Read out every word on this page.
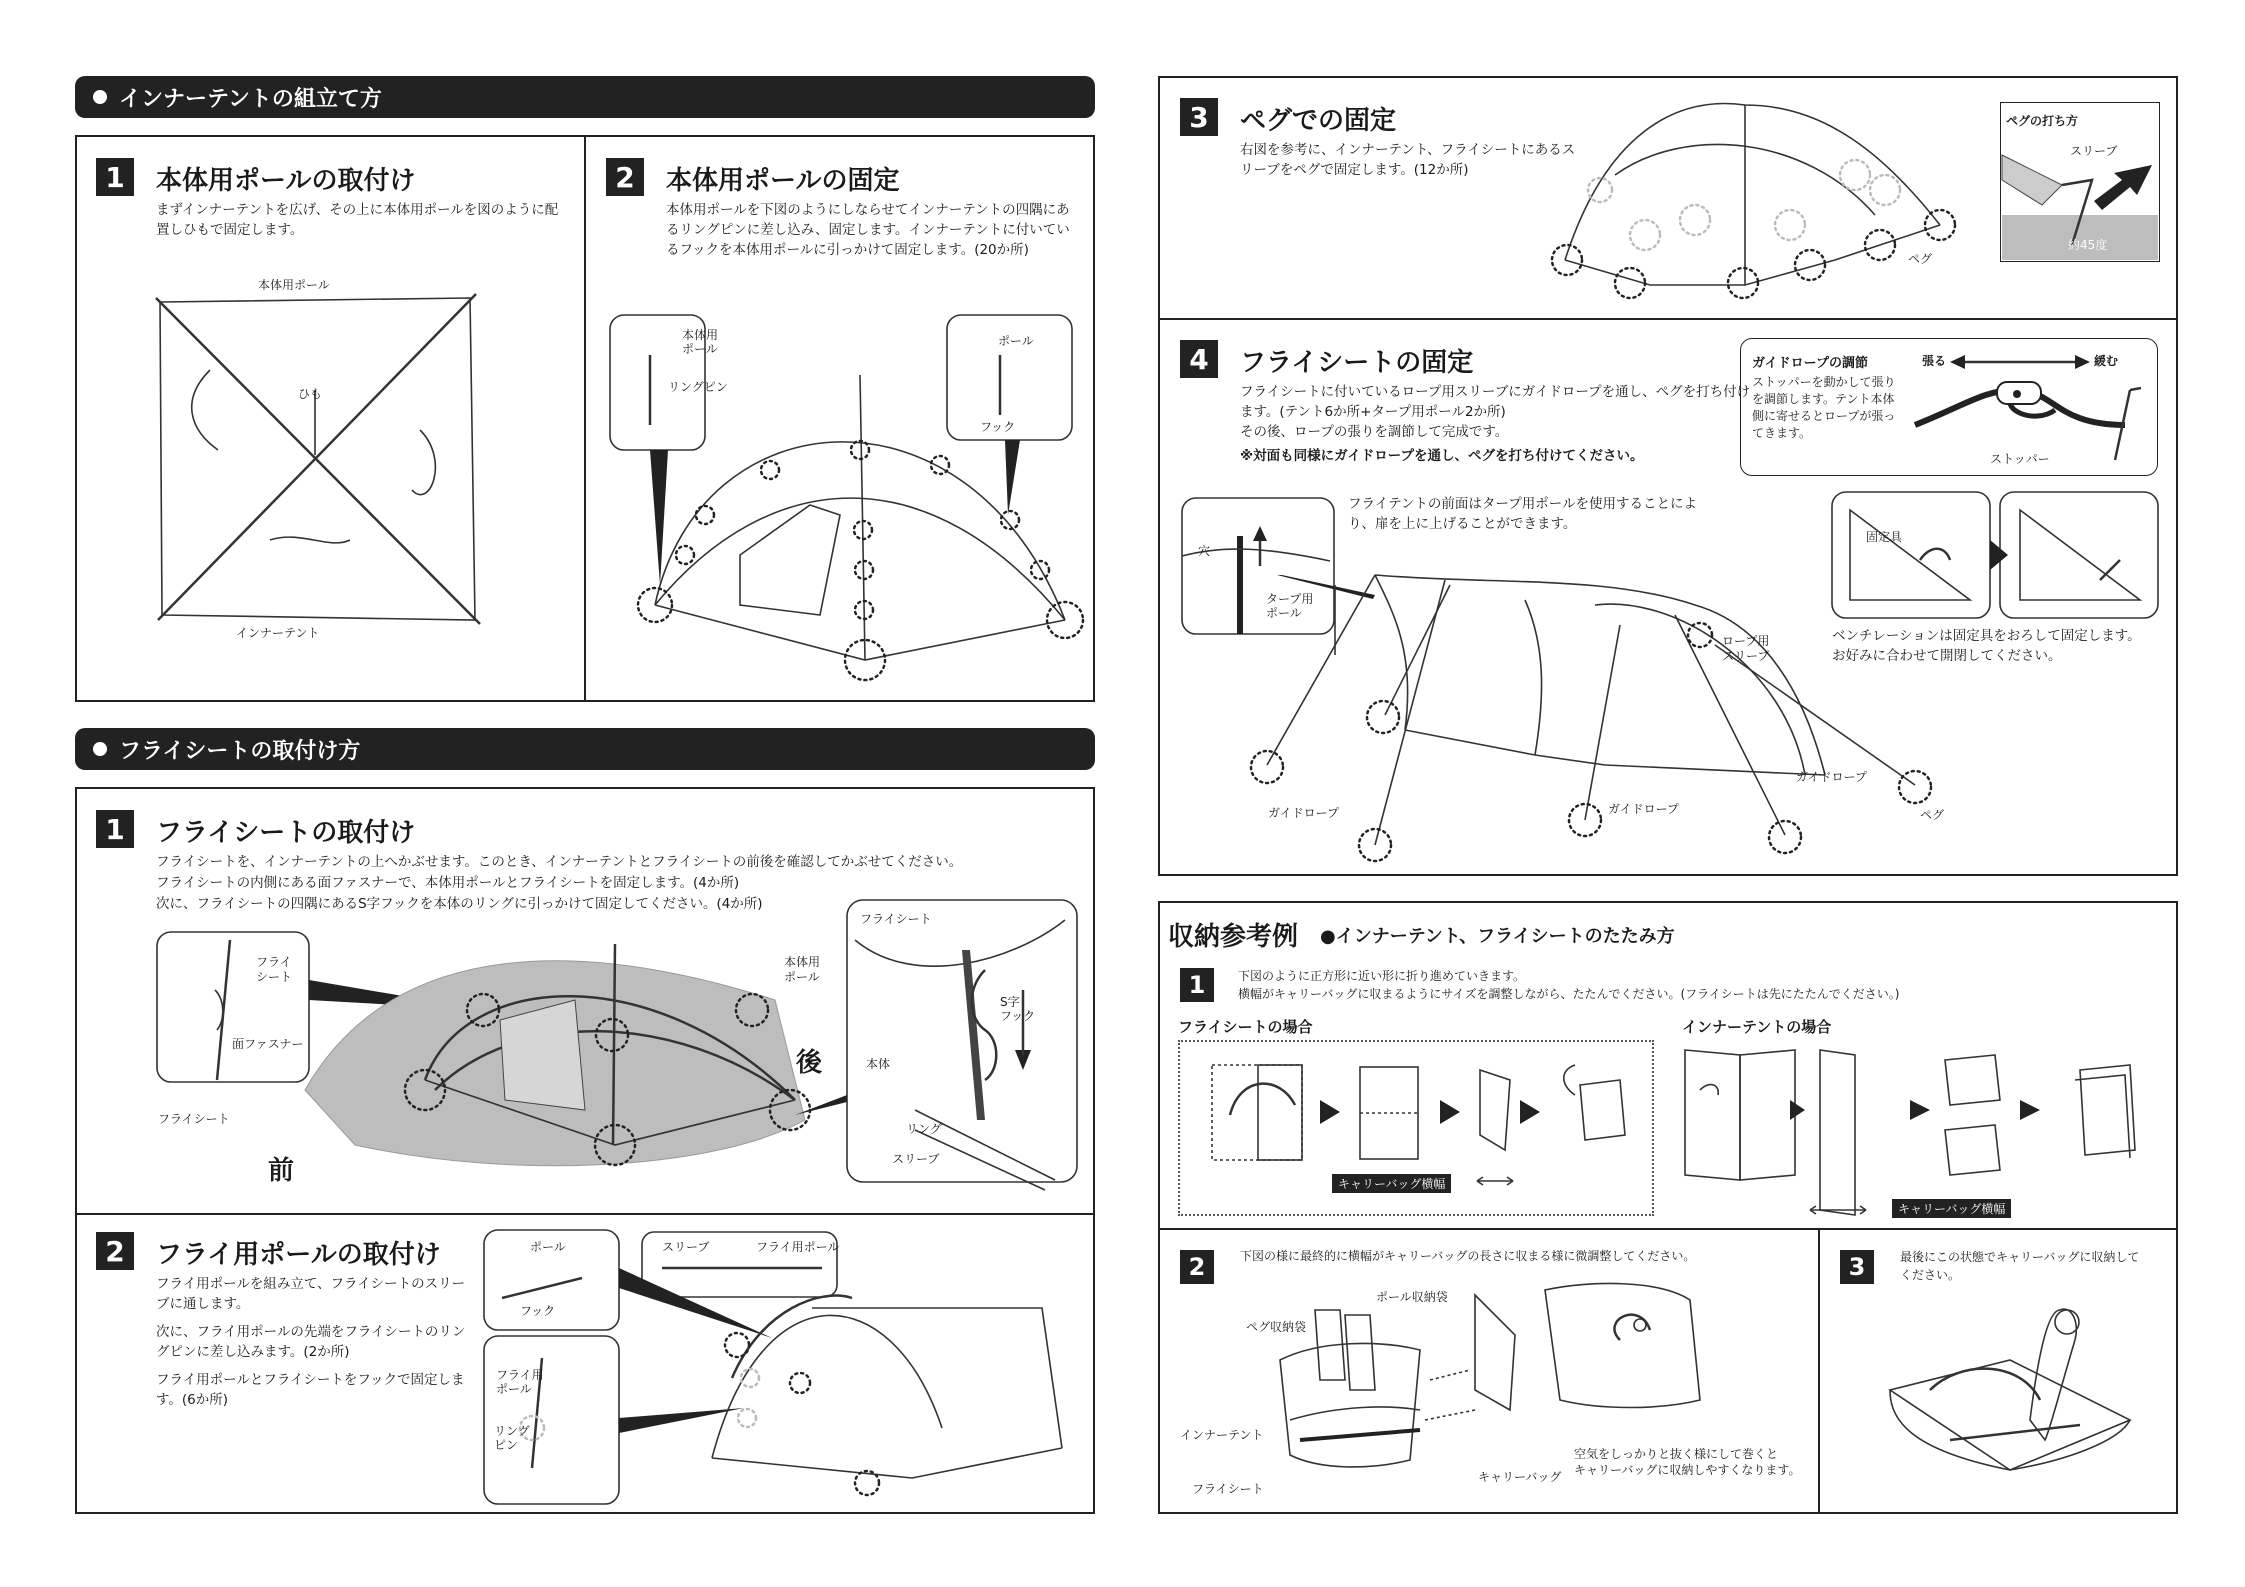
インナーテントの組立て方
1	本体用ポールの取付け
まずインナーテントを広げ、その上に本体用ポールを図のように配置しひもで固定します。
本体用ポール
ひも
インナーテント
2	本体用ポールの固定
本体用ポールを下図のようにしならせてインナーテントの四隅にあるリングピンに差し込み、固定します。インナーテントに付いているフックを本体用ポールに引っかけて固定します。(20か所)
本体用
ポール
リングピン
ポール
フック
フライシートの取付け方
1	フライシートの取付け
フライシートを、インナーテントの上へかぶせます。このとき、インナーテントとフライシートの前後を確認してかぶせてください。
フライシートの内側にある面ファスナーで、本体用ポールとフライシートを固定します。(4か所)
次に、フライシートの四隅にあるS字フックを本体のリングに引っかけて固定してください。(4か所)
フライ
シート
面ファスナー
フライシート
前
後
本体用
ポール
フライシート
S字
フック
本体
リング
スリーブ
2	フライ用ポールの取付け
フライ用ポールを組み立て、フライシートのスリーブに通します。
次に、フライ用ポールの先端をフライシートのリングピンに差し込みます。(2か所)
フライ用ポールとフライシートをフックで固定します。(6か所)
ポール
フック
フライ用
ポール
リング
ピン
スリーブ	フライ用ポール
3	ペグでの固定
右図を参考に、インナーテント、フライシートにあるスリーブをペグで固定します。(12か所)
ペグ
ペグの打ち方
スリーブ
約45度
4	フライシートの固定
フライシートに付いているロープ用スリーブにガイドロープを通し、ペグを打ち付けます。(テント6か所+タープ用ポール2か所)
その後、ロープの張りを調節して完成です。
※対面も同様にガイドロープを通し、ペグを打ち付けてください。
ガイドロープの調節	張る	緩む
ストッパーを動かして張りを調節します。テント本体側に寄せるとロープが張ってきます。
ストッパー
フライテントの前面はタープ用ポールを使用することにより、扉を上に上げることができます。
穴
タープ用
ポール
固定具
ベンチレーションは固定具をおろして固定します。
お好みに合わせて開閉してください。
ロープ用
スリーブ
ガイドロープ	ガイドロープ
ガイドロープ
ペグ
収納参考例 ●インナーテント、フライシートのたたみ方
1	下図のように正方形に近い形に折り進めていきます。
横幅がキャリーバッグに収まるようにサイズを調整しながら、たたんでください。(フライシートは先にたたんでください。)
フライシートの場合	インナーテントの場合
キャリーバッグ横幅
キャリーバッグ横幅
2	下図の様に最終的に横幅がキャリーバッグの長さに収まる様に微調整してください。
ポール収納袋
ペグ収納袋
インナーテント
フライシート
キャリーバッグ
空気をしっかりと抜く様にして巻くと
キャリーバッグに収納しやすくなります。
3	最後にこの状態でキャリーバッグに収納してください。
